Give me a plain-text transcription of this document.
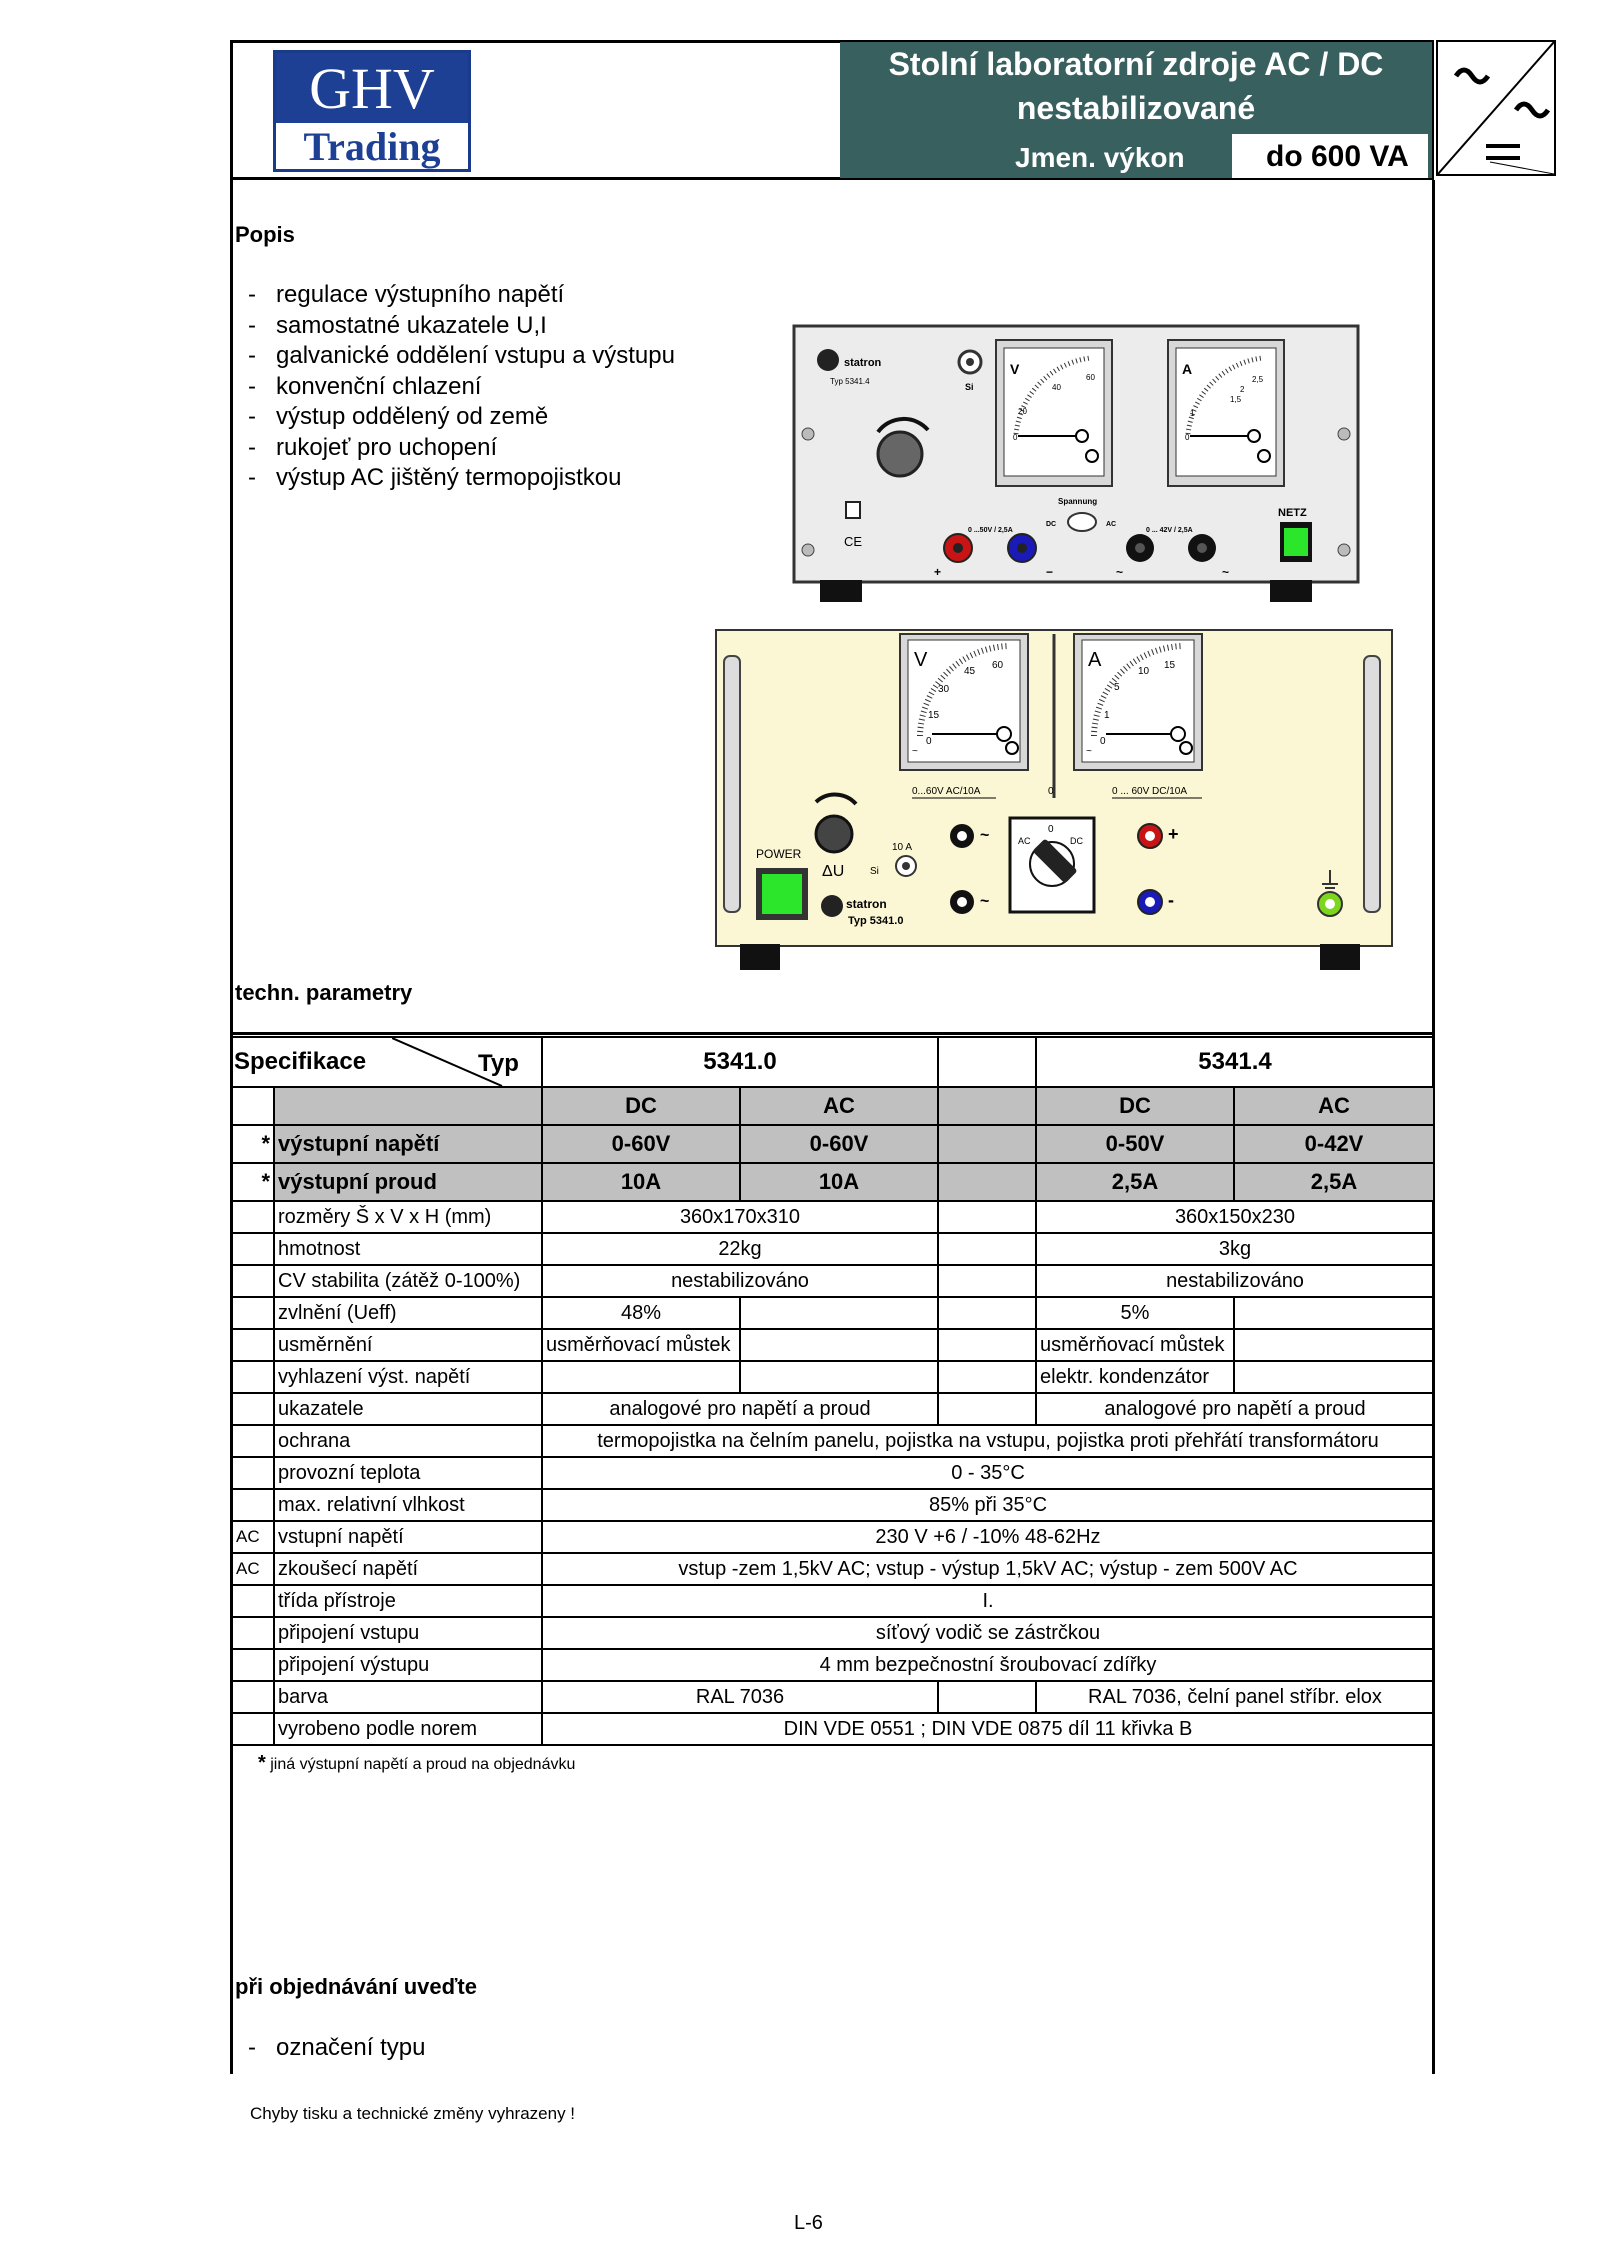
GHV
Trading
Stolní laboratorní zdroje AC / DC
nestabilizované
Jmen. výkon	do 600 VA
Popis
- regulace výstupního napětí
- samostatné ukazatele U,I
- galvanické oddělení vstupu a výstupu
- konvenční chlazení
- výstup oddělený od země
- rukojeť pro uchopení
- výstup AC jištěný termopojistkou
statron
Typ 5341.4
Si
V
0
20
40
60
A
0
1
1,5
2
2,5
CE
Spannung
0 ...50V / 2,5A
DC	AC
0 ... 42V / 2,5A
NETZ
+	−	~	~
V
0
15
30
45
60
~
A
0
1
5
10
15
~
0...60V AC/10A	0	0 ... 60V DC/10A
POWER
ΔU	Si
10 A
statron
Typ 5341.0
~
~
0
AC	DC	+
-
techn. parametry
Specifikace Typ		5341.0			5341.4	
		DC	AC		DC	AC
*	výstupní napětí	0-60V	0-60V		0-50V	0-42V
*	výstupní proud	10A	10A		2,5A	2,5A
	rozměry Š x V x H (mm)	360x170x310			360x150x230	
	hmotnost	22kg			3kg	
	CV stabilita (zátěž 0-100%)	nestabilizováno			nestabilizováno	
	zvlnění (Ueff)	48%			5%	
	usměrnění	usměrňovací můstek			usměrňovací můstek	
	vyhlazení výst. napětí				elektr. kondenzátor	
	ukazatele	analogové pro napětí a proud			analogové pro napětí a proud	
	ochrana	termopojistka na čelním panelu, pojistka na vstupu, pojistka proti přehřátí transformátoru				
	provozní teplota	0 - 35°C				
	max. relativní vlhkost	85% při 35°C				
AC	vstupní napětí	230 V +6 / -10% 48-62Hz				
AC	zkoušecí napětí	vstup -zem 1,5kV AC; vstup - výstup 1,5kV AC; výstup - zem 500V AC				
	třída přístroje	I.				
	připojení vstupu	síťový vodič se zástrčkou				
	připojení výstupu	4 mm bezpečnostní šroubovací zdířky				
	barva	RAL 7036			RAL 7036, čelní panel stříbr. elox	
	vyrobeno podle norem	DIN VDE 0551 ; DIN VDE 0875 díl 11 křivka B				
* jiná výstupní napětí a proud na objednávku
při objednávání uveďte
- označení typu
Chyby tisku a technické změny vyhrazeny !
L-6
